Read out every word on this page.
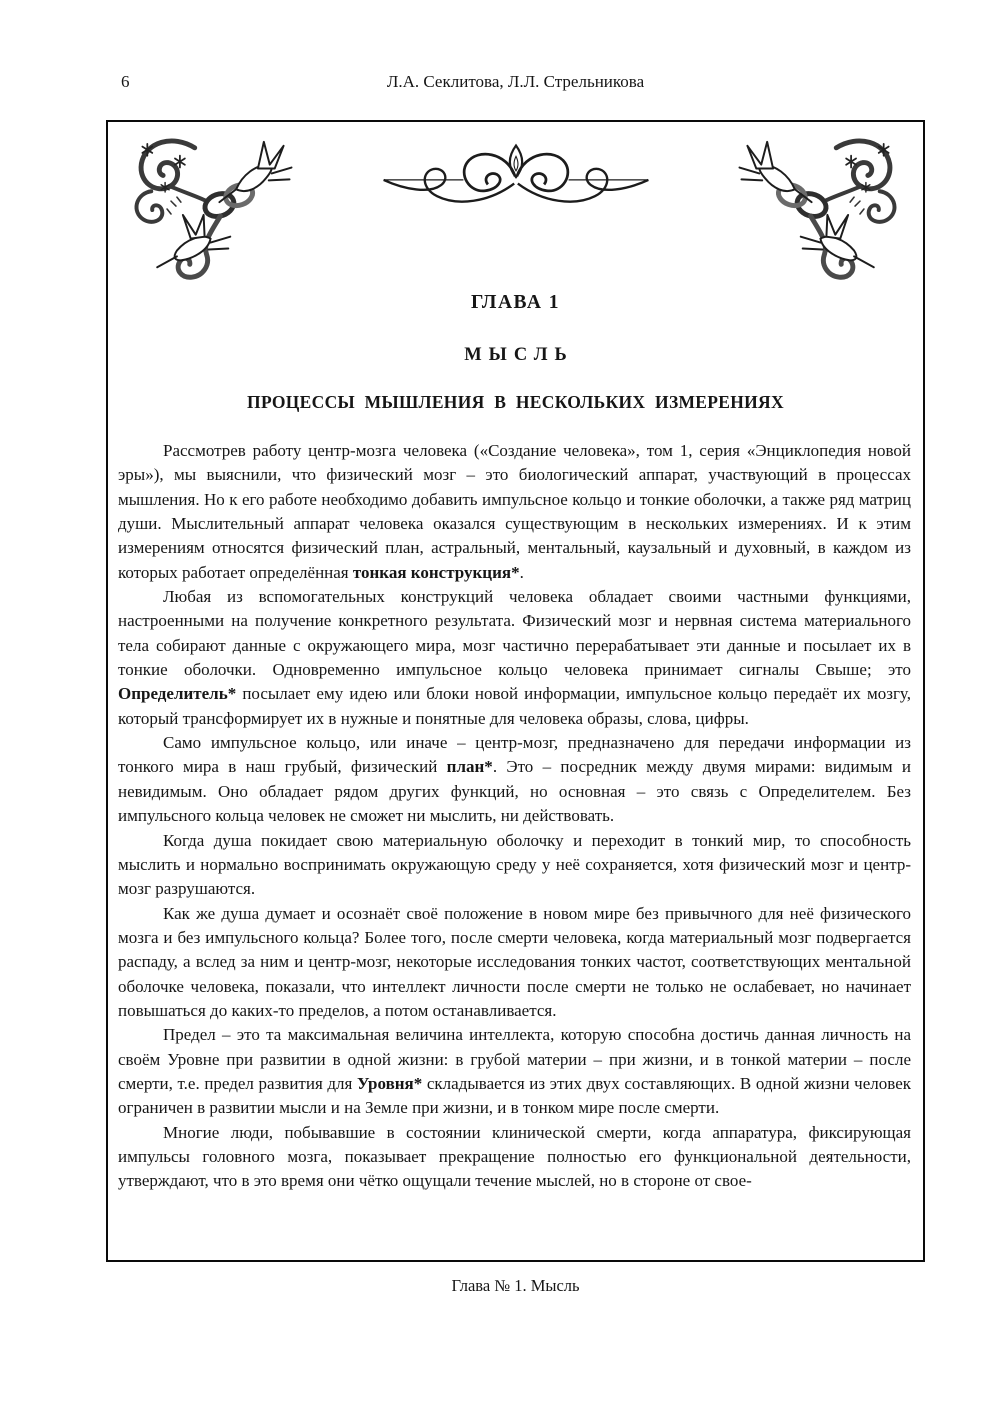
6	Л.А. Секлитова, Л.Л. Стрельникова
ГЛАВА 1
МЫСЛЬ
ПРОЦЕССЫ МЫШЛЕНИЯ В НЕСКОЛЬКИХ ИЗМЕРЕНИЯХ

Рассмотрев работу центр-мозга человека («Создание человека», том 1, серия «Энциклопедия новой эры»), мы выяснили, что физический мозг – это биологический аппарат, участвующий в процессах мышления. Но к его работе необходимо добавить импульсное кольцо и тонкие оболочки, а также ряд матриц души. Мыслительный аппарат человека оказался существующим в нескольких измерениях. И к этим измерениям относятся физический план, астральный, ментальный, каузальный и духовный, в каждом из которых работает определённая тонкая конструкция*.

Любая из вспомогательных конструкций человека обладает своими частными функциями, настроенными на получение конкретного результата. Физический мозг и нервная система материального тела собирают данные с окружающего мира, мозг частично перерабатывает эти данные и посылает их в тонкие оболочки. Одновременно импульсное кольцо человека принимает сигналы Свыше; это Определитель* посылает ему идею или блоки новой информации, импульсное кольцо передаёт их мозгу, который трансформирует их в нужные и понятные для человека образы, слова, цифры.

Само импульсное кольцо, или иначе – центр-мозг, предназначено для передачи информации из тонкого мира в наш грубый, физический план*. Это – посредник между двумя мирами: видимым и невидимым. Оно обладает рядом других функций, но основная – это связь с Определителем. Без импульсного кольца человек не сможет ни мыслить, ни действовать.

Когда душа покидает свою материальную оболочку и переходит в тонкий мир, то способность мыслить и нормально воспринимать окружающую среду у неё сохраняется, хотя физический мозг и центр-мозг разрушаются.

Как же душа думает и осознаёт своё положение в новом мире без привычного для неё физического мозга и без импульсного кольца? Более того, после смерти человека, когда материальный мозг подвергается распаду, а вслед за ним и центр-мозг, некоторые исследования тонких частот, соответствующих ментальной оболочке человека, показали, что интеллект личности после смерти не только не ослабевает, но начинает повышаться до каких-то пределов, а потом останавливается.

Предел – это та максимальная величина интеллекта, которую способна достичь данная личность на своём Уровне при развитии в одной жизни: в грубой материи – при жизни, и в тонкой материи – после смерти, т.е. предел развития для Уровня* складывается из этих двух составляющих. В одной жизни человек ограничен в развитии мысли и на Земле при жизни, и в тонком мире после смерти.

Многие люди, побывавшие в состоянии клинической смерти, когда аппаратура, фиксирующая импульсы головного мозга, показывает прекращение полностью его функциональной деятельности, утверждают, что в это время они чётко ощущали течение мыслей, но в стороне от свое-

Глава № 1. Мысль
